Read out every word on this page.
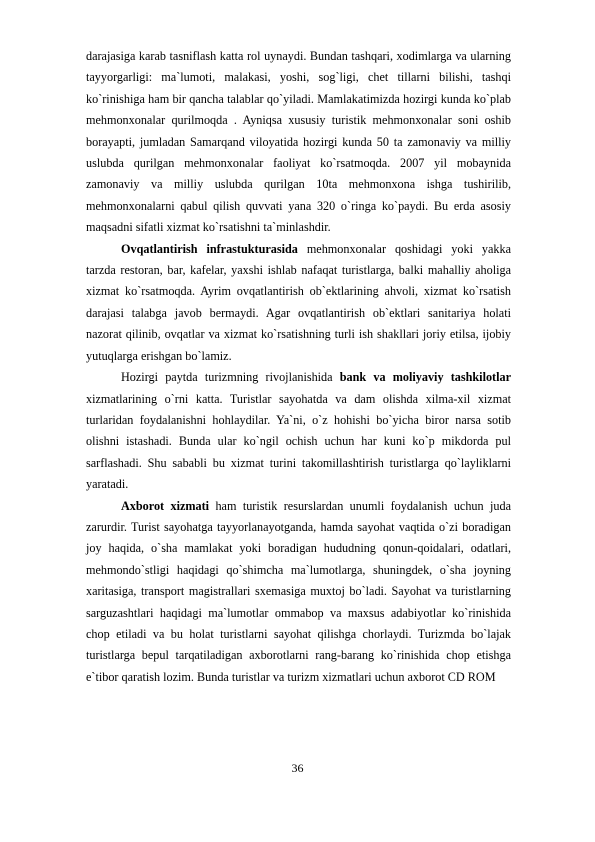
darajasiga karab tasniflash katta rol uynaydi. Bundan tashqari, xodimlarga va ularning tayyorgarligi: ma`lumoti, malakasi, yoshi, sog`ligi, chet tillarni bilishi, tashqi ko`rinishiga ham bir qancha talablar qo`yiladi. Mamlakatimizda hozirgi kunda ko`plab mehmonxonalar qurilmoqda . Ayniqsa xususiy turistik mehmonxonalar soni oshib borayapti, jumladan Samarqand viloyatida hozirgi kunda 50 ta zamonaviy va milliy uslubda qurilgan mehmonxonalar faoliyat ko`rsatmoqda. 2007 yil mobaynida zamonaviy va milliy uslubda qurilgan 10ta mehmonxona ishga tushirilib, mehmonxonalarni qabul qilish quvvati yana 320 o`ringa ko`paydi. Bu erda asosiy maqsadni sifatli xizmat ko`rsatishni ta`minlashdir.

Ovqatlantirish infrastukturasida mehmonxonalar qoshidagi yoki yakka tarzda restoran, bar, kafelar, yaxshi ishlab nafaqat turistlarga, balki mahalliy aholiga xizmat ko`rsatmoqda. Ayrim ovqatlantirish ob`ektlarining ahvoli, xizmat ko`rsatish darajasi talabga javob bermaydi. Agar ovqatlantirish ob`ektlari sanitariya holati nazorat qilinib, ovqatlar va xizmat ko`rsatishning turli ish shakllari joriy etilsa, ijobiy yutuqlarga erishgan bo`lamiz.

Hozirgi paytda turizmning rivojlanishida bank va moliyaviy tashkilotlar xizmatlarining o`rni katta. Turistlar sayohatda va dam olishda xilma-xil xizmat turlaridan foydalanishni hohlaydilar. Ya`ni, o`z hohishi bo`yicha biror narsa sotib olishni istashadi. Bunda ular ko`ngil ochish uchun har kuni ko`p mikdorda pul sarflashadi. Shu sababli bu xizmat turini takomillashtirish turistlarga qo`layliklarni yaratadi.

Axborot xizmati ham turistik resurslardan unumli foydalanish uchun juda zarurdir. Turist sayohatga tayyorlanayotganda, hamda sayohat vaqtida o`zi boradigan joy haqida, o`sha mamlakat yoki boradigan hududning qonun-qoidalari, odatlari, mehmondo`stligi haqidagi qo`shimcha ma`lumotlarga, shuningdek, o`sha joyning xaritasiga, transport magistrallari sxemasiga muxtoj bo`ladi. Sayohat va turistlarning sarguzashtlari haqidagi ma`lumotlar ommabop va maxsus adabiyotlar ko`rinishida chop etiladi va bu holat turistlarni sayohat qilishga chorlaydi. Turizmda bo`lajak turistlarga bepul tarqatiladigan axborotlarni rang-barang ko`rinishida chop etishga e`tibor qaratish lozim. Bunda turistlar va turizm xizmatlari uchun axborot CD ROM

36
